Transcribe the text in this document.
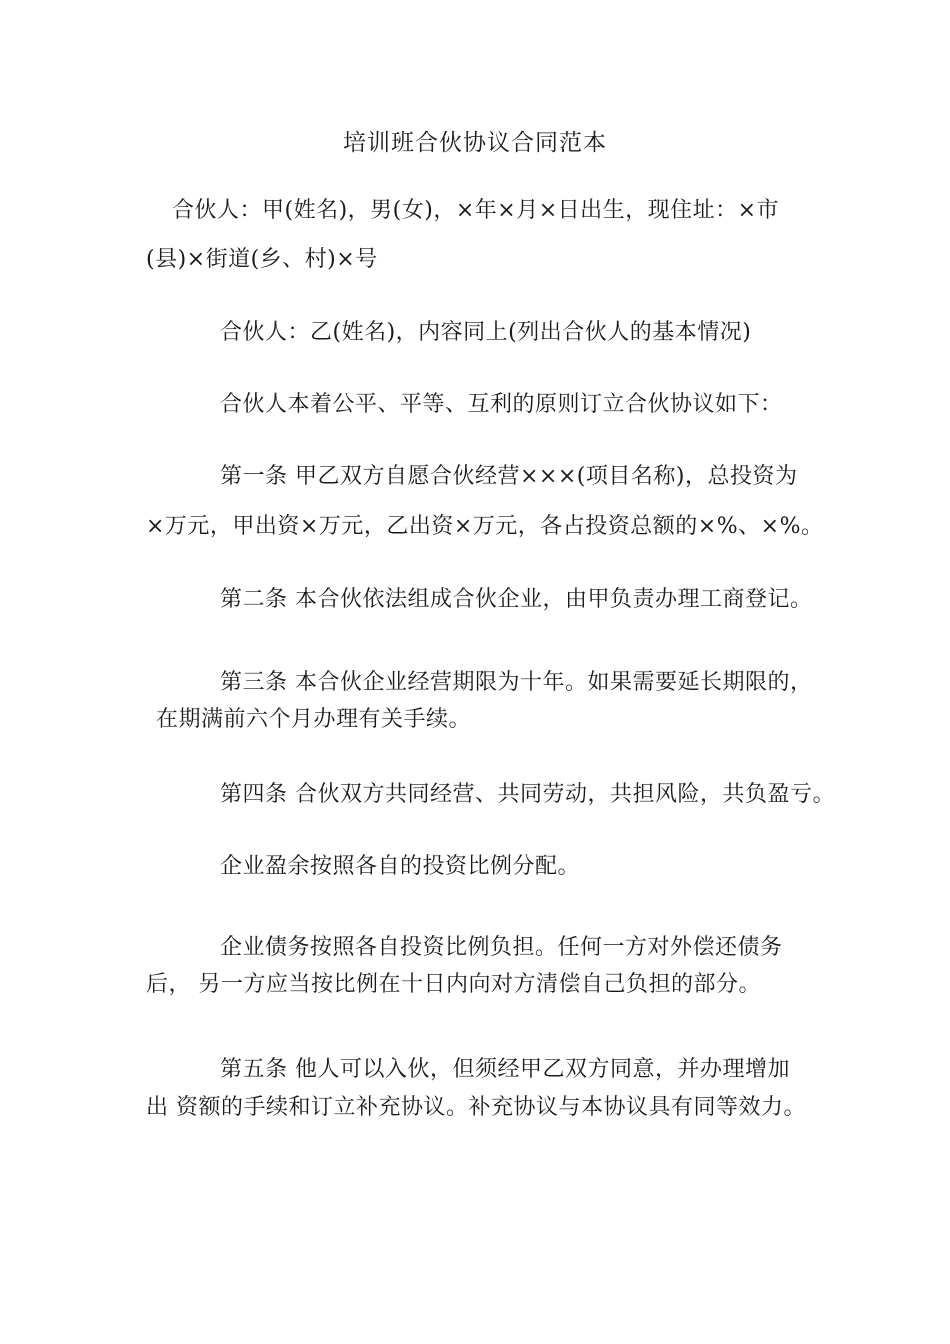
培训班合伙协议合同范本
合伙人：甲(姓名)，男(女)，×年×月×日出生，现住址：×市
(县)×街道(乡、村)×号
合伙人：乙(姓名)，内容同上(列出合伙人的基本情况)
合伙人本着公平、平等、互利的原则订立合伙协议如下：
第一条 甲乙双方自愿合伙经营×××(项目名称)，总投资为
×万元，甲出资×万元，乙出资×万元，各占投资总额的×%、×%。
第二条 本合伙依法组成合伙企业，由甲负责办理工商登记。
第三条 本合伙企业经营期限为十年。如果需要延长期限的，
在期满前六个月办理有关手续。
第四条 合伙双方共同经营、共同劳动，共担风险，共负盈亏。
企业盈余按照各自的投资比例分配。
企业债务按照各自投资比例负担。任何一方对外偿还债务
后， 另一方应当按比例在十日内向对方清偿自己负担的部分。
第五条 他人可以入伙，但须经甲乙双方同意，并办理增加
出 资额的手续和订立补充协议。补充协议与本协议具有同等效力。
